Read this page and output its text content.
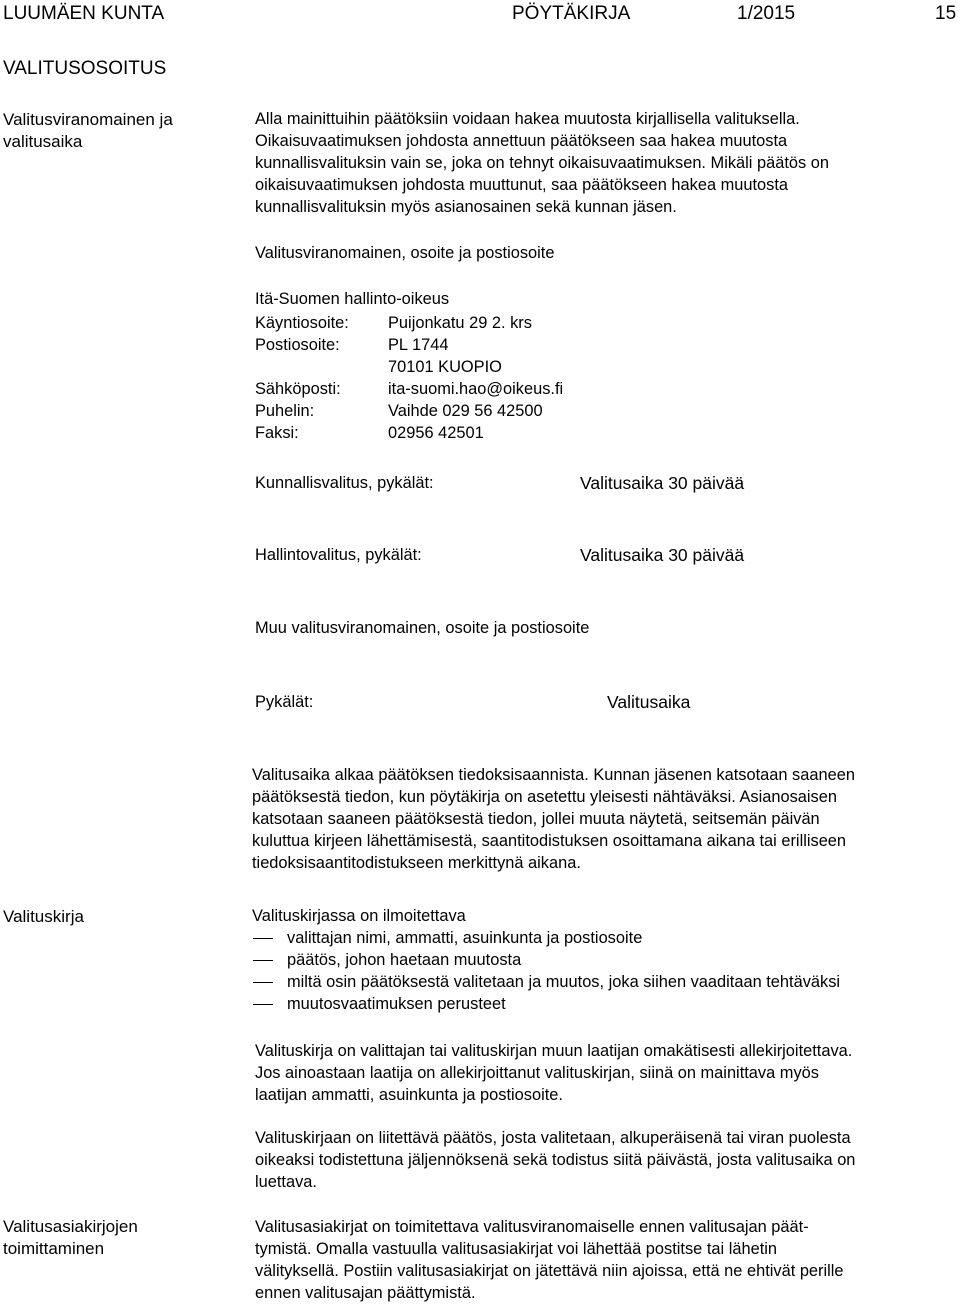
LUUMÄEN KUNTA	PÖYTÄKIRJA	1/2015	15
VALITUSOSOITUS
Valitusviranomainen ja
valitusaika
Alla mainittuihin päätöksiin voidaan hakea muutosta kirjallisella valituksella.
Oikaisuvaatimuksen johdosta annettuun päätökseen saa hakea muutosta
kunnallisvalituksin vain se, joka on tehnyt oikaisuvaatimuksen. Mikäli päätös on
oikaisuvaatimuksen johdosta muuttunut, saa päätökseen hakea muutosta
kunnallisvalituksin myös asianosainen sekä kunnan jäsen.
Valitusviranomainen, osoite ja postiosoite
Itä-Suomen hallinto-oikeus
Käyntiosoite: Puijonkatu 29 2. krs
Postiosoite:	PL 1744
70101 KUOPIO
Sähköposti:	ita-suomi.hao@oikeus.fi
Puhelin:	Vaihde 029 56 42500
Faksi:	02956 42501
Kunnallisvalitus, pykälät:	Valitusaika 30 päivää
Hallintovalitus, pykälät:	Valitusaika 30 päivää
Muu valitusviranomainen, osoite ja postiosoite
Pykälät:	Valitusaika
Valitusaika alkaa päätöksen tiedoksisaannista. Kunnan jäsenen katsotaan saaneen
päätöksestä tiedon, kun pöytäkirja on asetettu yleisesti nähtäväksi. Asianosaisen
katsotaan saaneen päätöksestä tiedon, jollei muuta näytetä, seitsemän päivän
kuluttua kirjeen lähettämisestä, saantitodistuksen osoittamana aikana tai erilliseen
tiedoksisaantitodistukseen merkittynä aikana.
Valituskirja	Valituskirjassa on ilmoitettava
valittajan nimi, ammatti, asuinkunta ja postiosoite
päätös, johon haetaan muutosta
miltä osin päätöksestä valitetaan ja muutos, joka siihen vaaditaan tehtäväksi
muutosvaatimuksen perusteet
Valituskirja on valittajan tai valituskirjan muun laatijan omakätisesti allekirjoitettava.
Jos ainoastaan laatija on allekirjoittanut valituskirjan, siinä on mainittava myös
laatijan ammatti, asuinkunta ja postiosoite.
Valituskirjaan on liitettävä päätös, josta valitetaan, alkuperäisenä tai viran puolesta
oikeaksi todistettuna jäljennöksenä sekä todistus siitä päivästä, josta valitusaika on
luettava.
Valitusasiakirjojen
toimittaminen
Valitusasiakirjat on toimitettava valitusviranomaiselle ennen valitusajan päät-
tymistä. Omalla vastuulla valitusasiakirjat voi lähettää postitse tai lähetin
välityksellä. Postiin valitusasiakirjat on jätettävä niin ajoissa, että ne ehtivät perille
ennen valitusajan päättymistä.
